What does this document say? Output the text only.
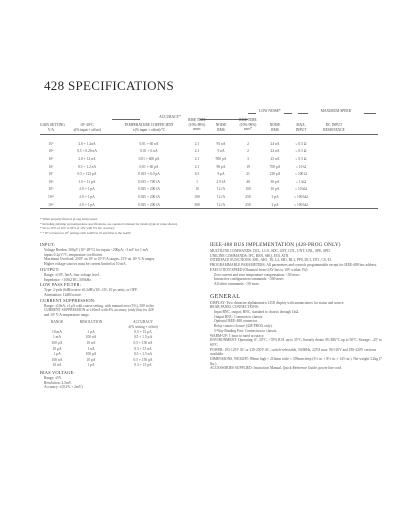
428 SPECIFICATIONS
LOW NOISE*	MAXIMUM SPEED
ACCURACY*
GAIN SETTING
V/A
18°-28°C
±(% input + offset)
TEMPERATURE COEFFICIENT
±(% input + offset)/°C
RISE TIME
(10%-90%)
msec
NOISE
RMS
RISE TIME
(10%-90%)
nsec*
NOISE
RMS
MAX.
INPUT
DC INPUT
RESISTANCE
10³	2.0 + 1.2nA	0.01 + 60 nA	2.1	95 nA	2	24 nA	≤ 0.5 Ω
10⁴	0.5 + 0.20 nA	0.01 + 6 nA	2.1	9 nA	2	24 nA	≤ 0.5 Ω
10⁵	2.0 + 12 nA	0.01 + 600 pA	2.1	900 pA	3	25 nA	≤ 0.5 Ω
10⁶	0.5 + 1.2 nA	0.01 + 60 pA	2.1	98 pA	19	700 pA	≤ 10 Ω
10⁷	0.5 + 122 pA	0.015 + 6.0 pA	0.5	9 pA	21	230 pA	≤ 100 Ω
10⁸	1.0 + 11 pA	0.015 + 700 fA	1	2.9 fA	40	30 pA	≤ 1 kΩ
10⁹	2.0 + 1 pA	0.025 + 200 fA	10	12 fA	100	10 pA	≤ 10 kΩ
10¹⁰	2.0 + 1 pA	0.025 + 200 fA	100	12 fA	250	3 pA	≤ 100 kΩ
10¹¹	2.0 + 1 pA	0.025 + 200 fA	300	12 fA	250	2 pA	≤ 100 kΩ
* When properly filtered. (Long term) stated.
* Including defining and temperature specifications, see operator's manual for details (typical value shown).
* Set to 50% of 10V to 90% of 10V with 5% DC accuracy.
* * D* is based on 10° settings with GAIN in 10 and filter is the GAIN
INPUT:
Voltage Burden: 200µV (10°-28°C) for inputs <200µA; <1mV for 1 mA
inputs 0.2µV/°C temperature coefficient.
Maximum Overload: 250V on 10³ to 10⁵V/A ranges; 15V on 10⁶ V/A ranges.
Higher voltage sources must be current limited at 10 mA.
OUTPUT:
Range: ±10V, 5mA, four voltage level.
Impedance: <100Ω DC–500kHz.
LOW PASS FILTER:
Type: 2-pole (6dB/octave ±0.2dB) (10³–10⁵; 10 µs unity, or OFF.
Attenuation: 12dB/octave.
CURRENT SUPPRESSION:
Range: ±10nA, ±1µA with coarse setting, with manual zero (1%), 500 to the
CURRENT SUPPRESSION at ±10mA with 4% accuracy (only) but for 428
and 10⁵ V/A temperature range.
RANGE	RESOLUTION	ACCURACY
±(% setting + offset)
10 mA	1 µA	0.5 + 15 µA
1 mA	100 nA	0.5 + 1.5 µA
100 µA	10 nA	0.5 + 150 nA
10 µA	1 nA	0.5 + 15 nA
1 µA	100 pA	0.5 + 1.5 nA
100 nA	10 pA	0.5 + 150 pA
10 nA	1 pA	0.5 + 15 pA
BIAS VOLTAGE:
Range: ±5V.
Resolution: 2.5mV.
Accuracy: ±(0.2% + 2mV).
IEEE-488 BUS IMPLEMENTATION (428-PROG ONLY)
MULTILINE COMMANDS: DCL, LLO, SDC, GET, GTL, UNT, UNL, SPE, SPD.
UNILINE COMMANDS: IFC, REN, SRQ, EOI, ATN.
INTERFACE FUNCTIONS: SH1, AH1, T6, L4, SR1, RL1, PP0, DC1, DT1, C0, E1.
PROGRAMMABLE PARAMETERS: All parameters and controls programmable except for IEEE-488 bus address.
EXECUTION SPEED (Obtained from GAV bus to 10V within 1%):
Zero current and zero temperature compensation: <50 msec.
Interactive configuration commands: <500 msec.
All other commands: <50 msec.
GENERAL
DISPLAY: Two character alphanumeric LED display with annunciators for status and source.
REAR PANEL CONNECTIONS:
Input BNC, output; BNC, standard to chassis through 1kΩ.
Output BNC: Common to chassis.
Optional IEEE-488 connector.
Relay contact closure (428-PROG only).
5-Way Binding Post: Connection to chassis.
WARM-UP: 1 hour to rated accuracy.
ENVIRONMENT: Operating: 0°–50°C, <70% R.H. up to 35°C; linearly derate 3% RH/°C up to 50°C. Storage: –25° to 60°C.
POWER: 105-125V AC or 210-250V AC, switch-selectable, 50/60Hz, 22VA max. 90-110V and 180-220V versions available.
DIMENSIONS, WEIGHT: 89mm high × 216mm wide × 359mm deep (3½ in. × 8½ in. × 14½ in.). Net weight 3.2kg (7 lbs.).
ACCESSORIES SUPPLIED: Instruction Manual, Quick Reference Guide, power line cord.
